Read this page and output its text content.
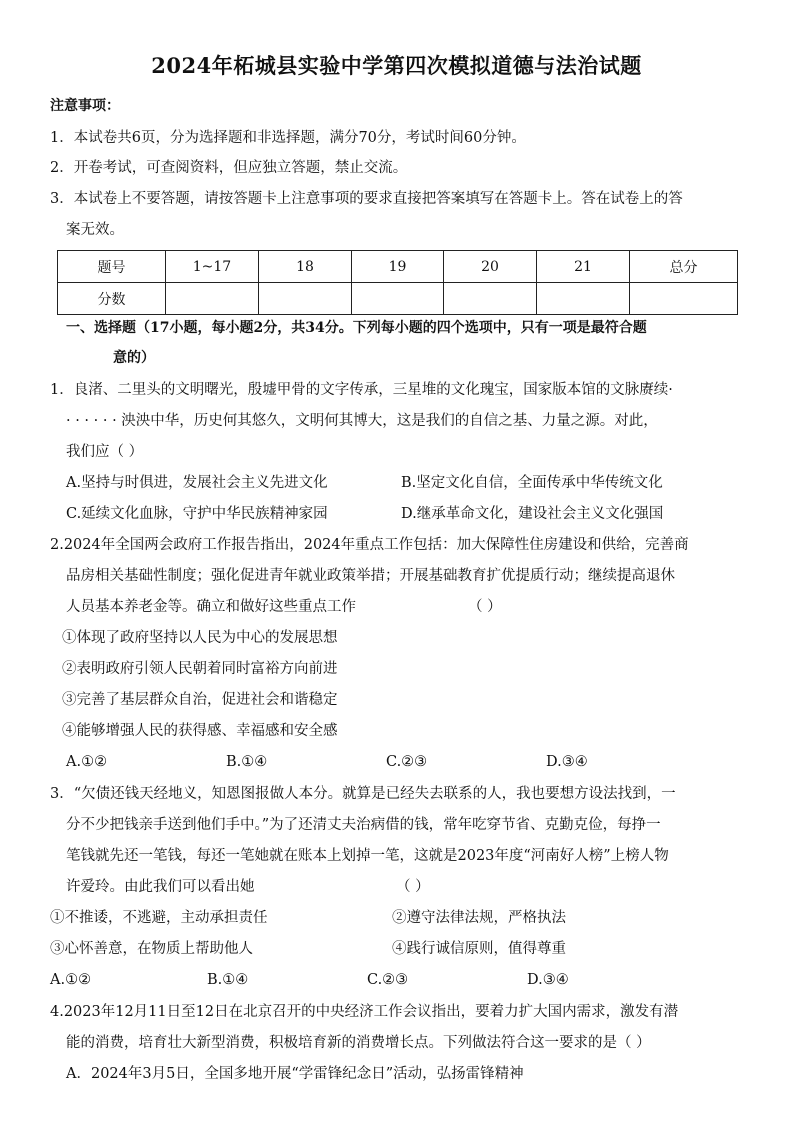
2024年柘城县实验中学第四次模拟道德与法治试题
注意事项：
1．本试卷共6页，分为选择题和非选择题，满分70分，考试时间60分钟。
2．开卷考试，可查阅资料，但应独立答题，禁止交流。
3．本试卷上不要答题，请按答题卡上注意事项的要求直接把答案填写在答题卡上。答在试卷上的答
案无效。
题号	1~17	18	19	20	21	总分
分数						
一、选择题（17小题，每小题2分，共34分。下列每小题的四个选项中，只有一项是最符合题
意的）
1．良渚、二里头的文明曙光，殷墟甲骨的文字传承，三星堆的文化瑰宝，国家版本馆的文脉赓续·
· · · · · · 泱泱中华，历史何其悠久，文明何其博大，这是我们的自信之基、力量之源。对此，
我们应（ ）
A.坚持与时俱进，发展社会主义先进文化	B.坚定文化自信，全面传承中华传统文化
C.延续文化血脉，守护中华民族精神家园	D.继承革命文化，建设社会主义文化强国
2.2024年全国两会政府工作报告指出，2024年重点工作包括：加大保障性住房建设和供给，完善商
品房相关基础性制度；强化促进青年就业政策举措；开展基础教育扩优提质行动；继续提高退休
人员基本养老金等。确立和做好这些重点工作	（ ）
①体现了政府坚持以人民为中心的发展思想
②表明政府引领人民朝着同时富裕方向前进
③完善了基层群众自治，促进社会和谐稳定
④能够增强人民的获得感、幸福感和安全感
A.①②	B.①④	C.②③	D.③④
3．“欠债还钱天经地义，知恩图报做人本分。就算是已经失去联系的人，我也要想方设法找到，一
分不少把钱亲手送到他们手中。”为了还清丈夫治病借的钱，常年吃穿节省、克勤克俭，每挣一
笔钱就先还一笔钱，每还一笔她就在账本上划掉一笔，这就是2023年度“河南好人榜”上榜人物
许爱玲。由此我们可以看出她	（ ）
①不推诿，不逃避，主动承担责任	②遵守法律法规，严格执法
③心怀善意，在物质上帮助他人	④践行诚信原则，值得尊重
A.①②	B.①④	C.②③	D.③④
4.2023年12月11日至12日在北京召开的中央经济工作会议指出，要着力扩大国内需求，激发有潜
能的消费，培育壮大新型消费，积极培育新的消费增长点。下列做法符合这一要求的是（ ）
A．2024年3月5日，全国多地开展“学雷锋纪念日”活动，弘扬雷锋精神
